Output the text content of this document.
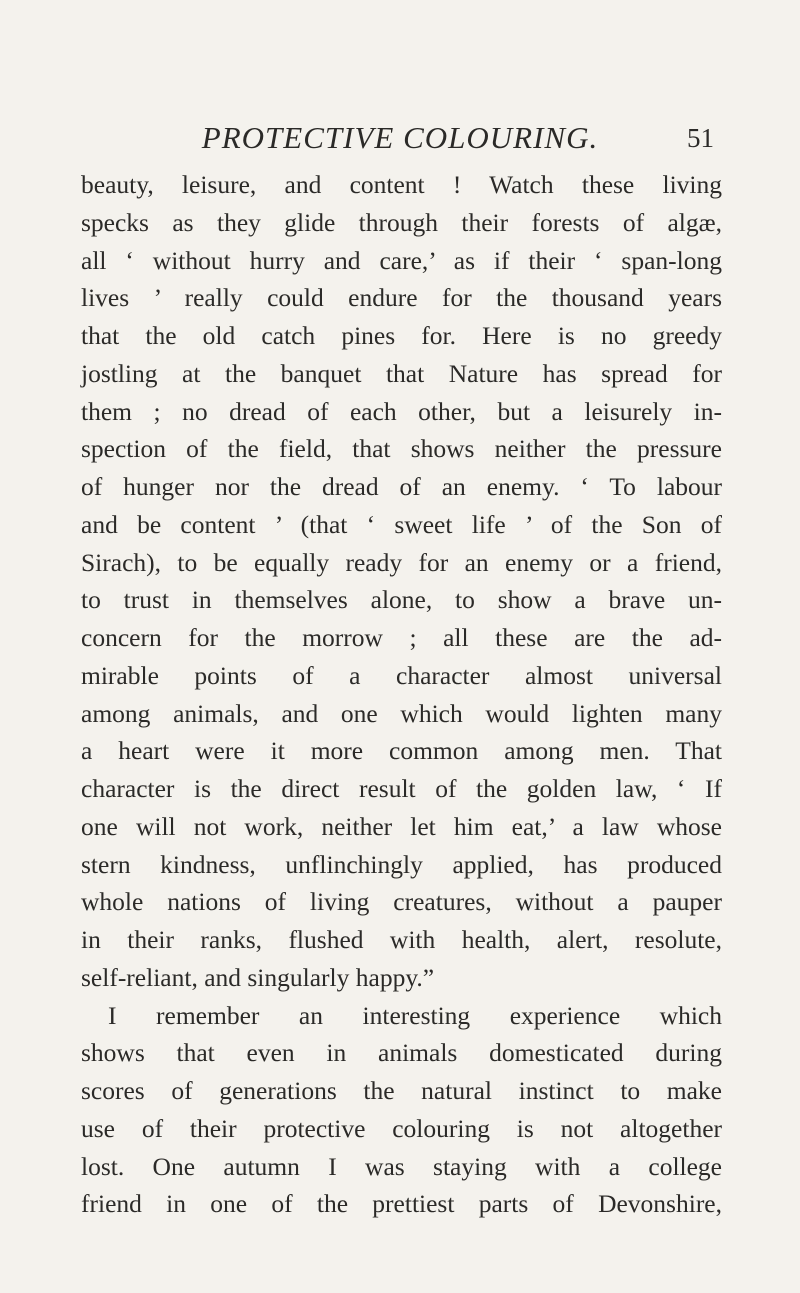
PROTECTIVE COLOURING.	51
beauty, leisure, and content ! Watch these living
specks as they glide through their forests of algæ,
all ‘ without hurry and care,’ as if their ‘ span-long
lives ’ really could endure for the thousand years
that the old catch pines for. Here is no greedy
jostling at the banquet that Nature has spread for
them ; no dread of each other, but a leisurely in-
spection of the field, that shows neither the pressure
of hunger nor the dread of an enemy. ‘ To labour
and be content ’ (that ‘ sweet life ’ of the Son of
Sirach), to be equally ready for an enemy or a friend,
to trust in themselves alone, to show a brave un-
concern for the morrow ; all these are the ad-
mirable points of a character almost universal
among animals, and one which would lighten many
a heart were it more common among men. That
character is the direct result of the golden law, ‘ If
one will not work, neither let him eat,’ a law whose
stern kindness, unflinchingly applied, has produced
whole nations of living creatures, without a pauper
in their ranks, flushed with health, alert, resolute,
self-reliant, and singularly happy.”
I remember an interesting experience which
shows that even in animals domesticated during
scores of generations the natural instinct to make
use of their protective colouring is not altogether
lost. One autumn I was staying with a college
friend in one of the prettiest parts of Devonshire,
